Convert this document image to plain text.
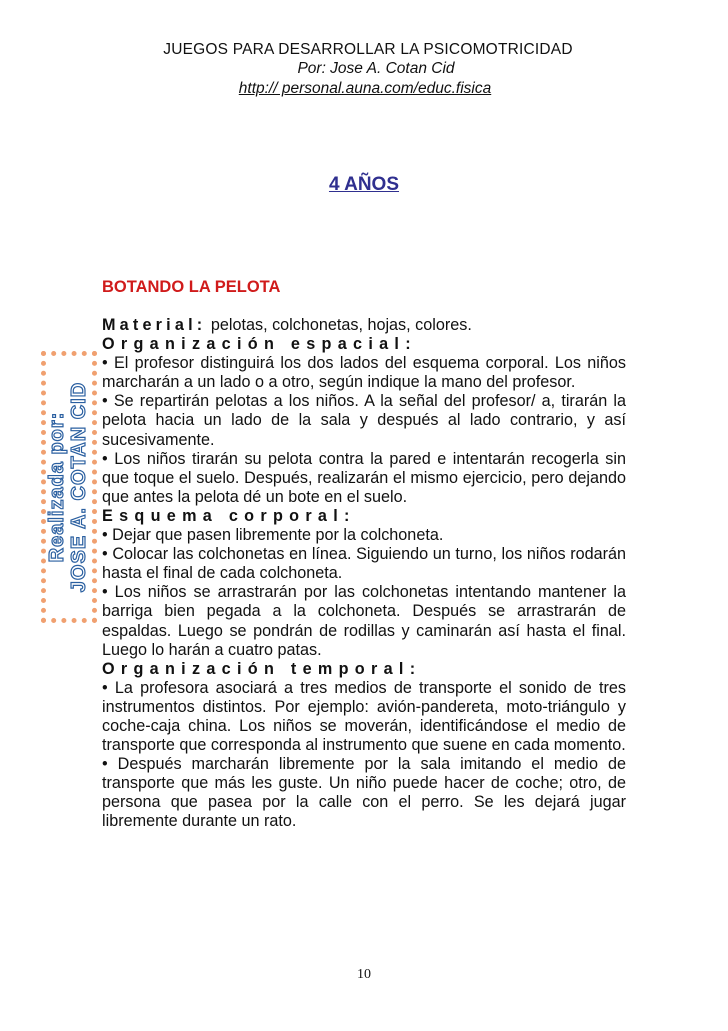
JUEGOS PARA DESARROLLAR LA PSICOMOTRICIDAD
Por: Jose A. Cotan Cid
http:// personal.auna.com/educ.fisica
4 AÑOS
BOTANDO LA PELOTA

Material: pelotas, colchonetas, hojas, colores.

Organización espacial:

• El profesor distinguirá los dos lados del esquema corporal. Los niños marcharán a un lado o a otro, según indique la mano del profesor.

• Se repartirán pelotas a los niños. A la señal del profesor/ a, tirarán la pelota hacia un lado de la sala y después al lado contrario, y así sucesivamente.

• Los niños tirarán su pelota contra la pared e intentarán recogerla sin que toque el suelo. Después, realizarán el mismo ejercicio, pero dejando que antes la pelota dé un bote en el suelo.

Esquema corporal:

• Dejar que pasen libremente por la colchoneta.

• Colocar las colchonetas en línea. Siguiendo un turno, los niños rodarán hasta el final de cada colchoneta.

• Los niños se arrastrarán por las colchonetas intentando mantener la barriga bien pegada a la colchoneta. Después se arrastrarán de espaldas. Luego se pondrán de rodillas y caminarán así hasta el final. Luego lo harán a cuatro patas.

Organización temporal:

• La profesora asociará a tres medios de transporte el sonido de tres instrumentos distintos. Por ejemplo: avión-pandereta, moto-triángulo y coche-caja china. Los niños se moverán, identificándose el medio de transporte que corresponda al instrumento que suene en cada momento.

• Después marcharán libremente por la sala imitando el medio de transporte que más les guste. Un niño puede hacer de coche; otro, de persona que pasea por la calle con el perro. Se les dejará jugar libremente durante un rato.

Realizada por: JOSE A. COTAN CID
10
